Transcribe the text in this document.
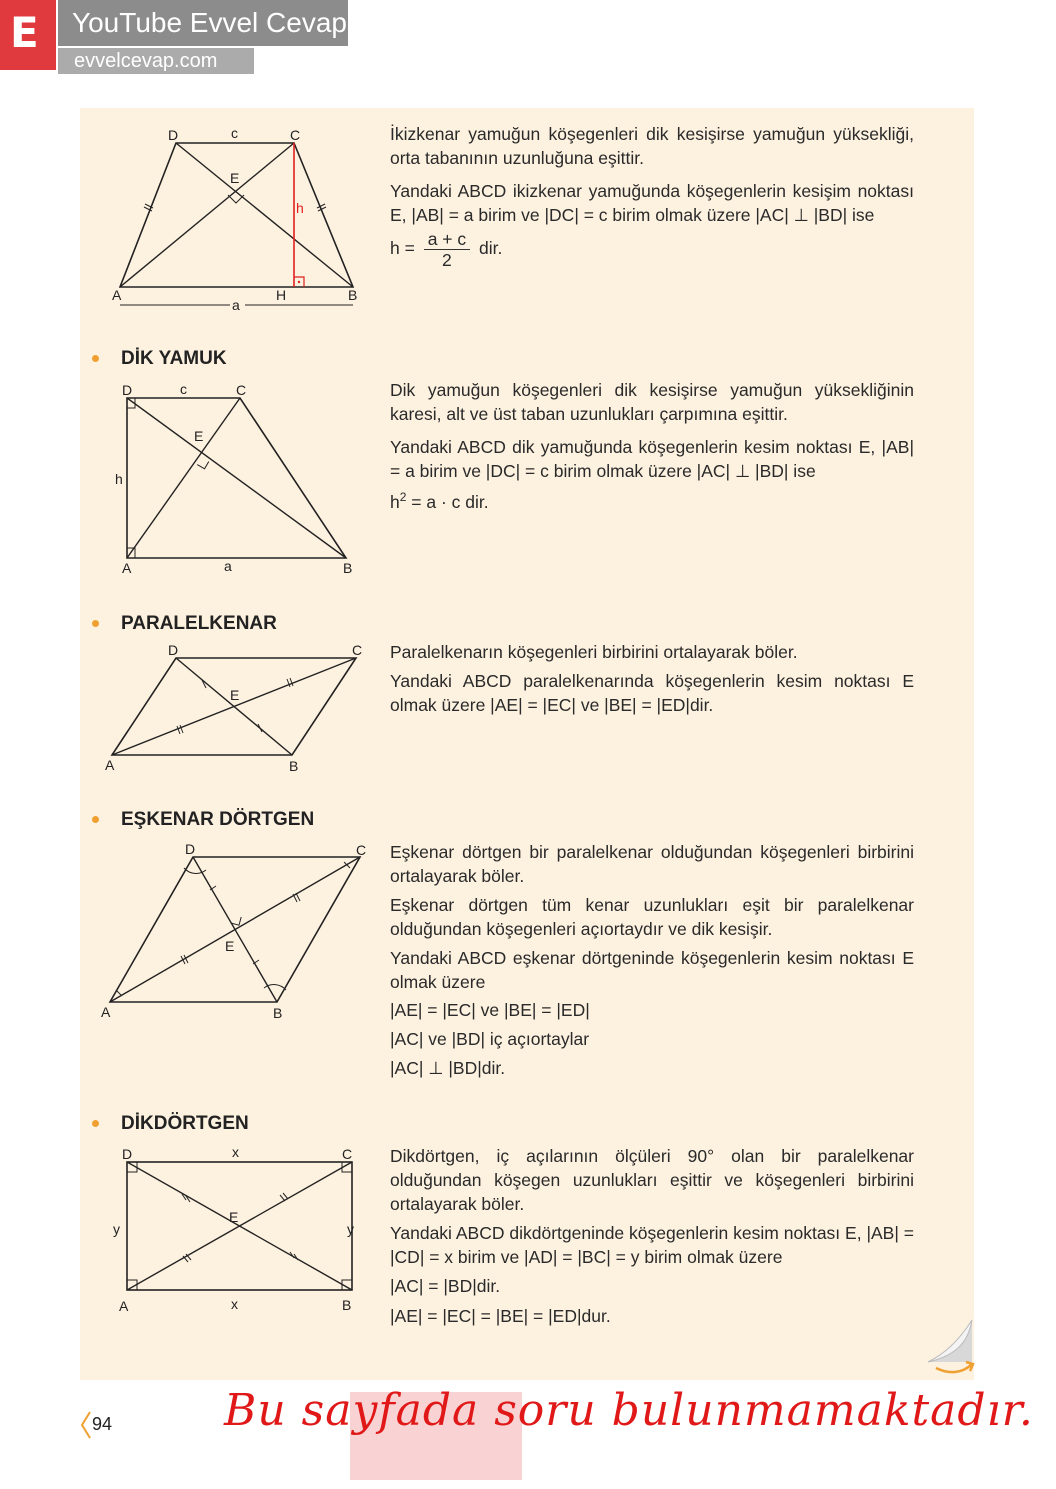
E	YouTube Evvel Cevap
evvelcevap.com
D	c	C
E
h
A	H	B
a

İkizkenar yamuğun köşegenleri dik kesişirse yamuğun yüksekliği, orta tabanının uzunluğuna eşittir.

Yandaki ABCD ikizkenar yamuğunda köşegenlerin kesişim noktası E, |AB| = a birim ve |DC| = c birim olmak üzere |AC| ⊥ |BD| ise

$h = \frac{a + c}{2}$ dir.

DİK YAMUK
D	c	C
E
h
A	a	B

Dik yamuğun köşegenleri dik kesişirse yamuğun yüksekliğinin karesi, alt ve üst taban uzunlukları çarpımına eşittir.

Yandaki ABCD dik yamuğunda köşegenlerin kesim noktası E, |AB| = a birim ve |DC| = c birim olmak üzere |AC| ⊥ |BD| ise

$h^2 = a \cdot c$ dir.

PARALELKENAR
D	C
E
A	B

Paralelkenarın köşegenleri birbirini ortalayarak böler.

Yandaki ABCD paralelkenarında köşegenlerin kesim noktası E olmak üzere |AE| = |EC| ve |BE| = |ED|dir.

EŞKENAR DÖRTGEN
D	C
E
A	B

Eşkenar dörtgen bir paralelkenar olduğundan köşegenleri birbirini ortalayarak böler.

Eşkenar dörtgen tüm kenar uzunlukları eşit bir paralelkenar olduğundan köşegenleri açıortaydır ve dik kesişir.

Yandaki ABCD eşkenar dörtgeninde köşegenlerin kesim noktası E olmak üzere

|AE| = |EC| ve |BE| = |ED|

|AC| ve |BD| iç açıortaylar

|AC| ⊥ |BD|dir.

DİKDÖRTGEN
D	x	C
E
y	y
A	x	B

Dikdörtgen, iç açılarının ölçüleri 90° olan bir paralelkenar olduğundan köşegen uzunlukları eşittir ve köşegenleri birbirini ortalayarak böler.

Yandaki ABCD dikdörtgeninde köşegenlerin kesim noktası E, |AB| = |CD| = x birim ve |AD| = |BC| = y birim olmak üzere

|AC| = |BD|dir.

|AE| = |EC| = |BE| = |ED|dur.

94	Bu sayfada soru bulunmamaktadır.
